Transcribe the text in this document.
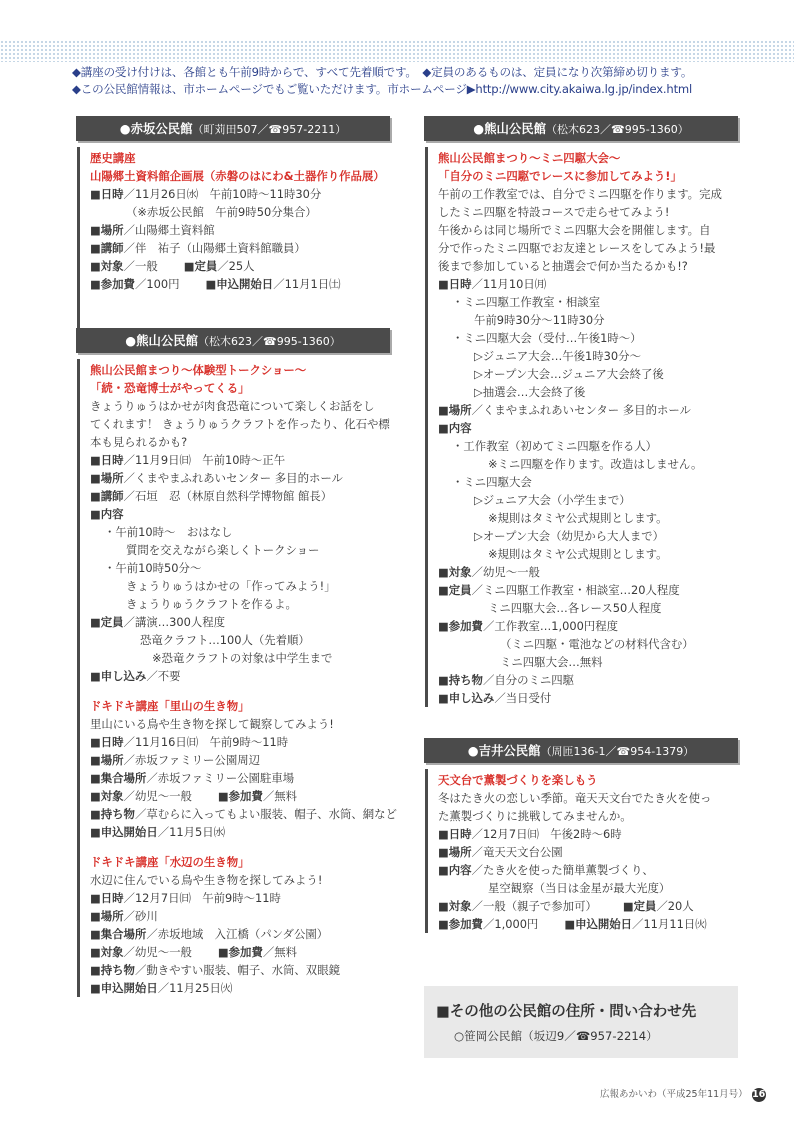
◆講座の受け付けは、各館とも午前9時からで、すべて先着順です。　◆定員のあるものは、定員になり次第締め切ります。
◆この公民館情報は、市ホームページでもご覧いただけます。市ホームページ▶http://www.city.akaiwa.lg.jp/index.html
●赤坂公民館（町苅田507／☎957-2211）
歴史講座
山陽郷土資料館企画展（赤磐のはにわ&土器作り作品展）
■日時／11月26日㈬　午前10時～11時30分
（※赤坂公民館　午前9時50分集合）
■場所／山陽郷土資料館
■講師／伴　祐子（山陽郷土資料館職員）
■対象／一般 ■定員／25人
■参加費／100円 ■申込開始日／11月1日㈯
●熊山公民館（松木623／☎995-1360）
熊山公民館まつり～体験型トークショー～
「続・恐竜博士がやってくる」
きょうりゅうはかせが肉食恐竜について楽しくお話をし
てくれます！ きょうりゅうクラフトを作ったり、化石や標
本も見られるかも?
■日時／11月9日㈰　午前10時～正午
■場所／くまやまふれあいセンター 多目的ホール
■講師／石垣　忍（林原自然科学博物館 館長）
■内容
・午前10時～　おはなし
質問を交えながら楽しくトークショー
・午前10時50分～
きょうりゅうはかせの「作ってみよう!」
きょうりゅうクラフトを作るよ。
■定員／講演…300人程度
恐竜クラフト…100人（先着順）
※恐竜クラフトの対象は中学生まで
■申し込み／不要
ドキドキ講座「里山の生き物」
里山にいる鳥や生き物を探して観察してみよう!
■日時／11月16日㈰　午前9時～11時
■場所／赤坂ファミリー公園周辺
■集合場所／赤坂ファミリー公園駐車場
■対象／幼児～一般 ■参加費／無料
■持ち物／草むらに入ってもよい服装、帽子、水筒、網など
■申込開始日／11月5日㈬
ドキドキ講座「水辺の生き物」
水辺に住んでいる鳥や生き物を探してみよう!
■日時／12月7日㈰　午前9時～11時
■場所／砂川
■集合場所／赤坂地域　入江橋（パンダ公園）
■対象／幼児～一般 ■参加費／無料
■持ち物／動きやすい服装、帽子、水筒、双眼鏡
■申込開始日／11月25日㈫
●熊山公民館（松木623／☎995-1360）
熊山公民館まつり～ミニ四駆大会～
「自分のミニ四駆でレースに参加してみよう!」
午前の工作教室では、自分でミニ四駆を作ります。完成
したミニ四駆を特設コースで走らせてみよう!
午後からは同じ場所でミニ四駆大会を開催します。自
分で作ったミニ四駆でお友達とレースをしてみよう!最
後まで参加していると抽選会で何か当たるかも!?
■日時／11月10日㈪
・ミニ四駆工作教室・相談室
午前9時30分～11時30分
・ミニ四駆大会（受付…午後1時～）
▷ジュニア大会…午後1時30分～
▷オープン大会…ジュニア大会終了後
▷抽選会…大会終了後
■場所／くまやまふれあいセンター 多目的ホール
■内容
・工作教室（初めてミニ四駆を作る人）
※ミニ四駆を作ります。改造はしません。
・ミニ四駆大会
▷ジュニア大会（小学生まで）
※規則はタミヤ公式規則とします。
▷オープン大会（幼児から大人まで）
※規則はタミヤ公式規則とします。
■対象／幼児～一般
■定員／ミニ四駆工作教室・相談室…20人程度
ミニ四駆大会…各レース50人程度
■参加費／工作教室…1,000円程度
（ミニ四駆・電池などの材料代含む）
ミニ四駆大会…無料
■持ち物／自分のミニ四駆
■申し込み／当日受付
●吉井公民館（周匝136-1／☎954-1379）
天文台で薫製づくりを楽しもう
冬はたき火の恋しい季節。竜天天文台でたき火を使っ
た薫製づくりに挑戦してみませんか。
■日時／12月7日㈰　午後2時～6時
■場所／竜天天文台公園
■内容／たき火を使った簡単薫製づくり、
星空観察（当日は金星が最大光度）
■対象／一般（親子で参加可） ■定員／20人
■参加費／1,000円 ■申込開始日／11月11日㈫
■その他の公民館の住所・問い合わせ先
○笹岡公民館（坂辺9／☎957-2214）
広報あかいわ（平成25年11月号） 16
